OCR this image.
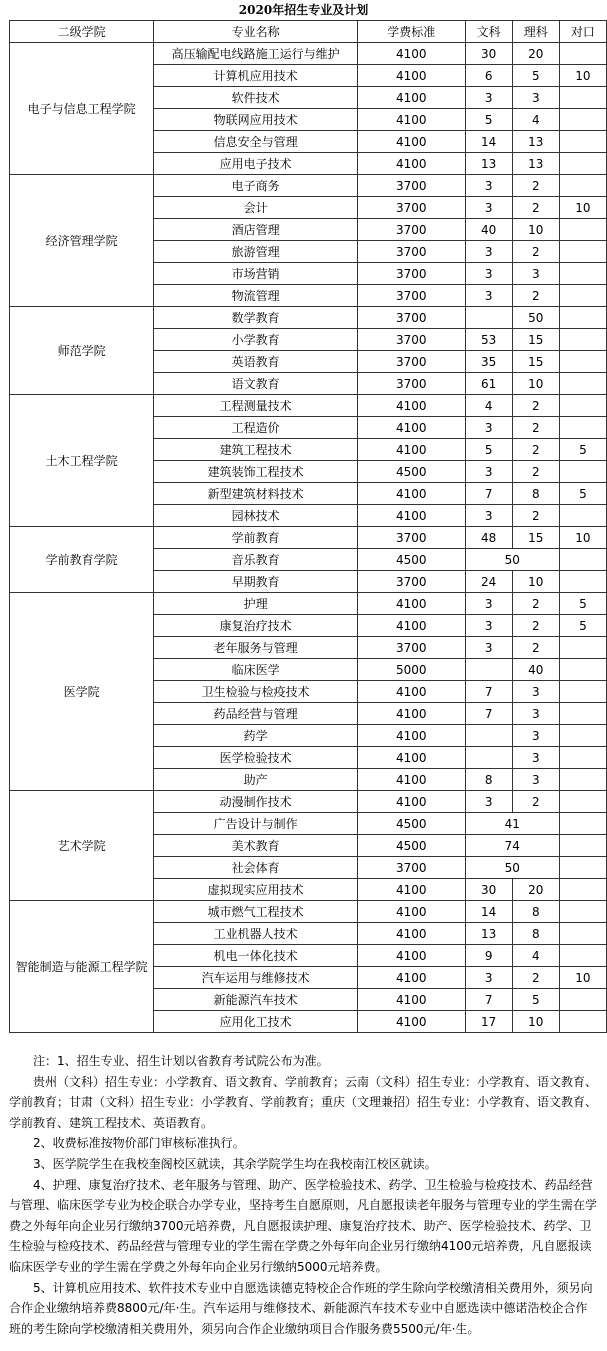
2020年招生专业及计划
二级学院	专业名称	学费标准	文科	理科	对口
电子与信息工程学院	高压输配电线路施工运行与维护	4100	30	20	
	计算机应用技术	4100	6	5	10
	软件技术	4100	3	3	
	物联网应用技术	4100	5	4	
	信息安全与管理	4100	14	13	
	应用电子技术	4100	13	13	
经济管理学院	电子商务	3700	3	2	
	会计	3700	3	2	10
	酒店管理	3700	40	10	
	旅游管理	3700	3	2	
	市场营销	3700	3	3	
	物流管理	3700	3	2	
师范学院	数学教育	3700		50	
	小学教育	3700	53	15	
	英语教育	3700	35	15	
	语文教育	3700	61	10	
土木工程学院	工程测量技术	4100	4	2	
	工程造价	4100	3	2	
	建筑工程技术	4100	5	2	5
	建筑装饰工程技术	4500	3	2	
	新型建筑材料技术	4100	7	8	5
	园林技术	4100	3	2	
学前教育学院	学前教育	3700	48	15	10
	音乐教育	4500	50		
	早期教育	3700	24	10	
医学院	护理	4100	3	2	5
	康复治疗技术	4100	3	2	5
	老年服务与管理	3700	3	2	
	临床医学	5000		40	
	卫生检验与检疫技术	4100	7	3	
	药品经营与管理	4100	7	3	
	药学	4100		3	
	医学检验技术	4100		3	
	助产	4100	8	3	
艺术学院	动漫制作技术	4100	3	2	
	广告设计与制作	4500	41		
	美术教育	4500	74		
	社会体育	3700	50		
	虚拟现实应用技术	4100	30	20	
智能制造与能源工程学院	城市燃气工程技术	4100	14	8	
	工业机器人技术	4100	13	8	
	机电一体化技术	4100	9	4	
	汽车运用与维修技术	4100	3	2	10
	新能源汽车技术	4100	7	5	
	应用化工技术	4100	17	10	

注：1、招生专业、招生计划以省教育考试院公布为准。

贵州（文科）招生专业：小学教育、语文教育、学前教育；云南（文科）招生专业：小学教育、语文教育、学前教育；甘肃（文科）招生专业：小学教育、学前教育；重庆（文理兼招）招生专业：小学教育、语文教育、学前教育、建筑工程技术、英语教育。

2、收费标准按物价部门审核标准执行。

3、医学院学生在我校奎阁校区就读，其余学院学生均在我校南江校区就读。

4、护理、康复治疗技术、老年服务与管理、助产、医学检验技术、药学、卫生检验与检疫技术、药品经营与管理、临床医学专业为校企联合办学专业，坚持考生自愿原则，凡自愿报读老年服务与管理专业的学生需在学费之外每年向企业另行缴纳3700元培养费，凡自愿报读护理、康复治疗技术、助产、医学检验技术、药学、卫生检验与检疫技术、药品经营与管理专业的学生需在学费之外每年向企业另行缴纳4100元培养费，凡自愿报读临床医学专业的学生需在学费之外每年向企业另行缴纳5000元培养费。

5、计算机应用技术、软件技术专业中自愿选读德克特校企合作班的学生除向学校缴清相关费用外，须另向合作企业缴纳培养费8800元/年·生。汽车运用与维修技术、新能源汽车技术专业中自愿选读中德诺浩校企合作班的考生除向学校缴清相关费用外，须另向合作企业缴纳项目合作服务费5500元/年·生。
